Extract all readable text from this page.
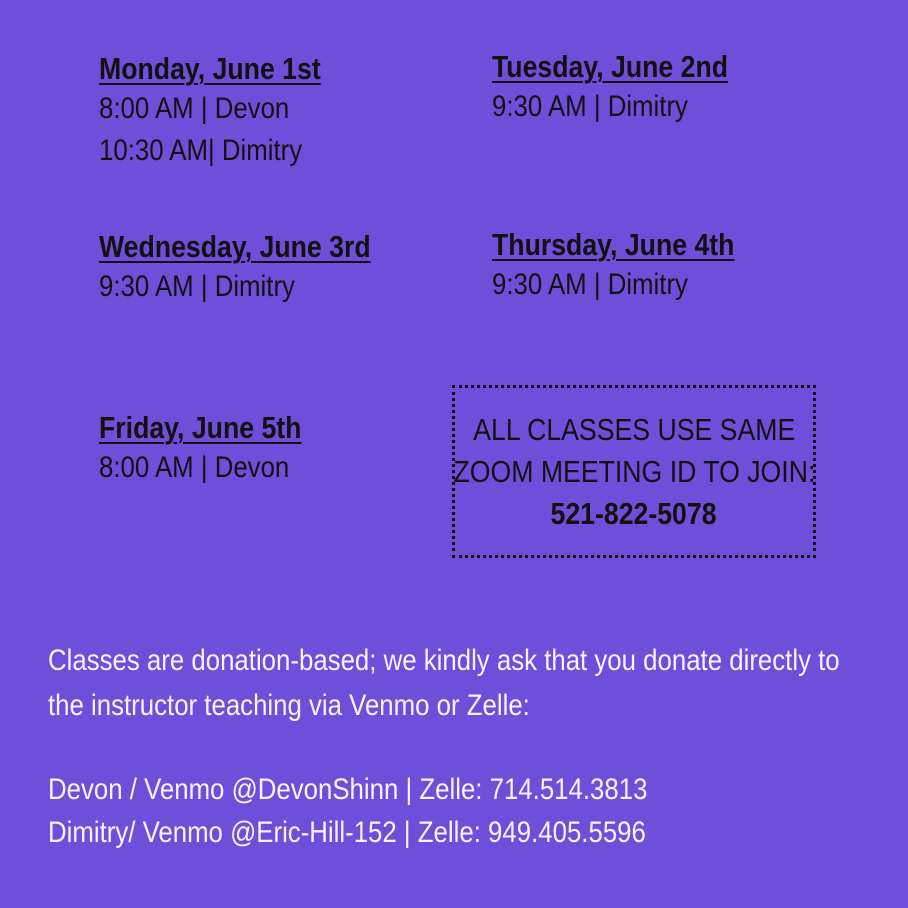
Monday, June 1st
8:00 AM | Devon
10:30 AM| Dimitry
Tuesday, June 2nd
9:30 AM | Dimitry
Wednesday, June 3rd
9:30 AM | Dimitry
Thursday, June 4th
9:30 AM | Dimitry
Friday, June 5th
8:00 AM | Devon
ALL CLASSES USE SAME
ZOOM MEETING ID TO JOIN:
521-822-5078
Classes are donation-based; we kindly ask that you donate directly to
the instructor teaching via Venmo or Zelle:
Devon / Venmo @DevonShinn | Zelle: 714.514.3813
Dimitry/ Venmo @Eric-Hill-152 | Zelle: 949.405.5596
